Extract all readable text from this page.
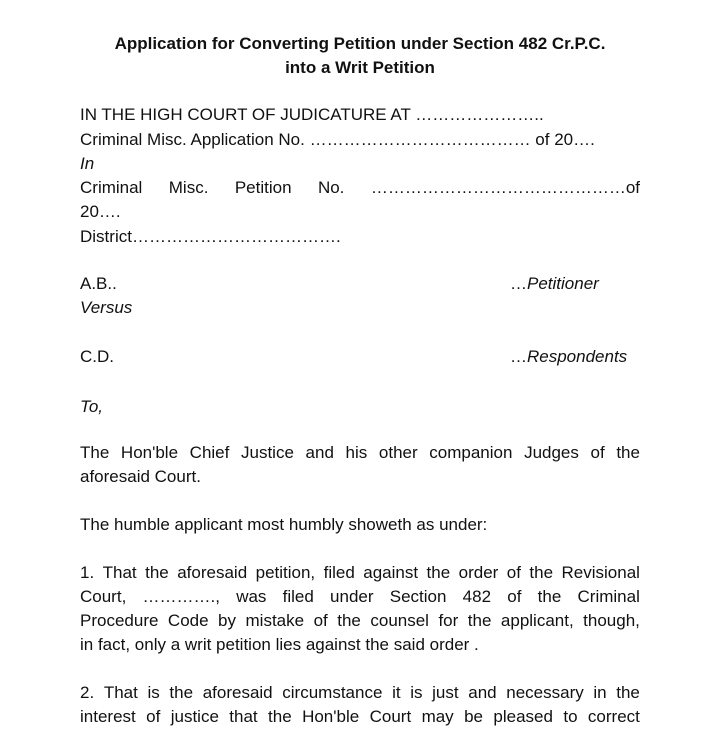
Application for Converting Petition under Section 482 Cr.P.C.
into a Writ Petition
IN THE HIGH COURT OF JUDICATURE AT …………………..
Criminal Misc. Application No. ………………………………… of 20….
In
Criminal Misc. Petition No. ………………………………………of
20….
District……………………………….
A.B..	…Petitioner
Versus
C.D.	…Respondents
To,
The Hon'ble Chief Justice and his other companion Judges of the
aforesaid Court.
The humble applicant most humbly showeth as under:
1. That the aforesaid petition, filed against the order of the Revisional
Court, …………., was filed under Section 482 of the Criminal
Procedure Code by mistake of the counsel for the applicant, though,
in fact, only a writ petition lies against the said order .
2. That is the aforesaid circumstance it is just and necessary in the
interest of justice that the Hon'ble Court may be pleased to correct
